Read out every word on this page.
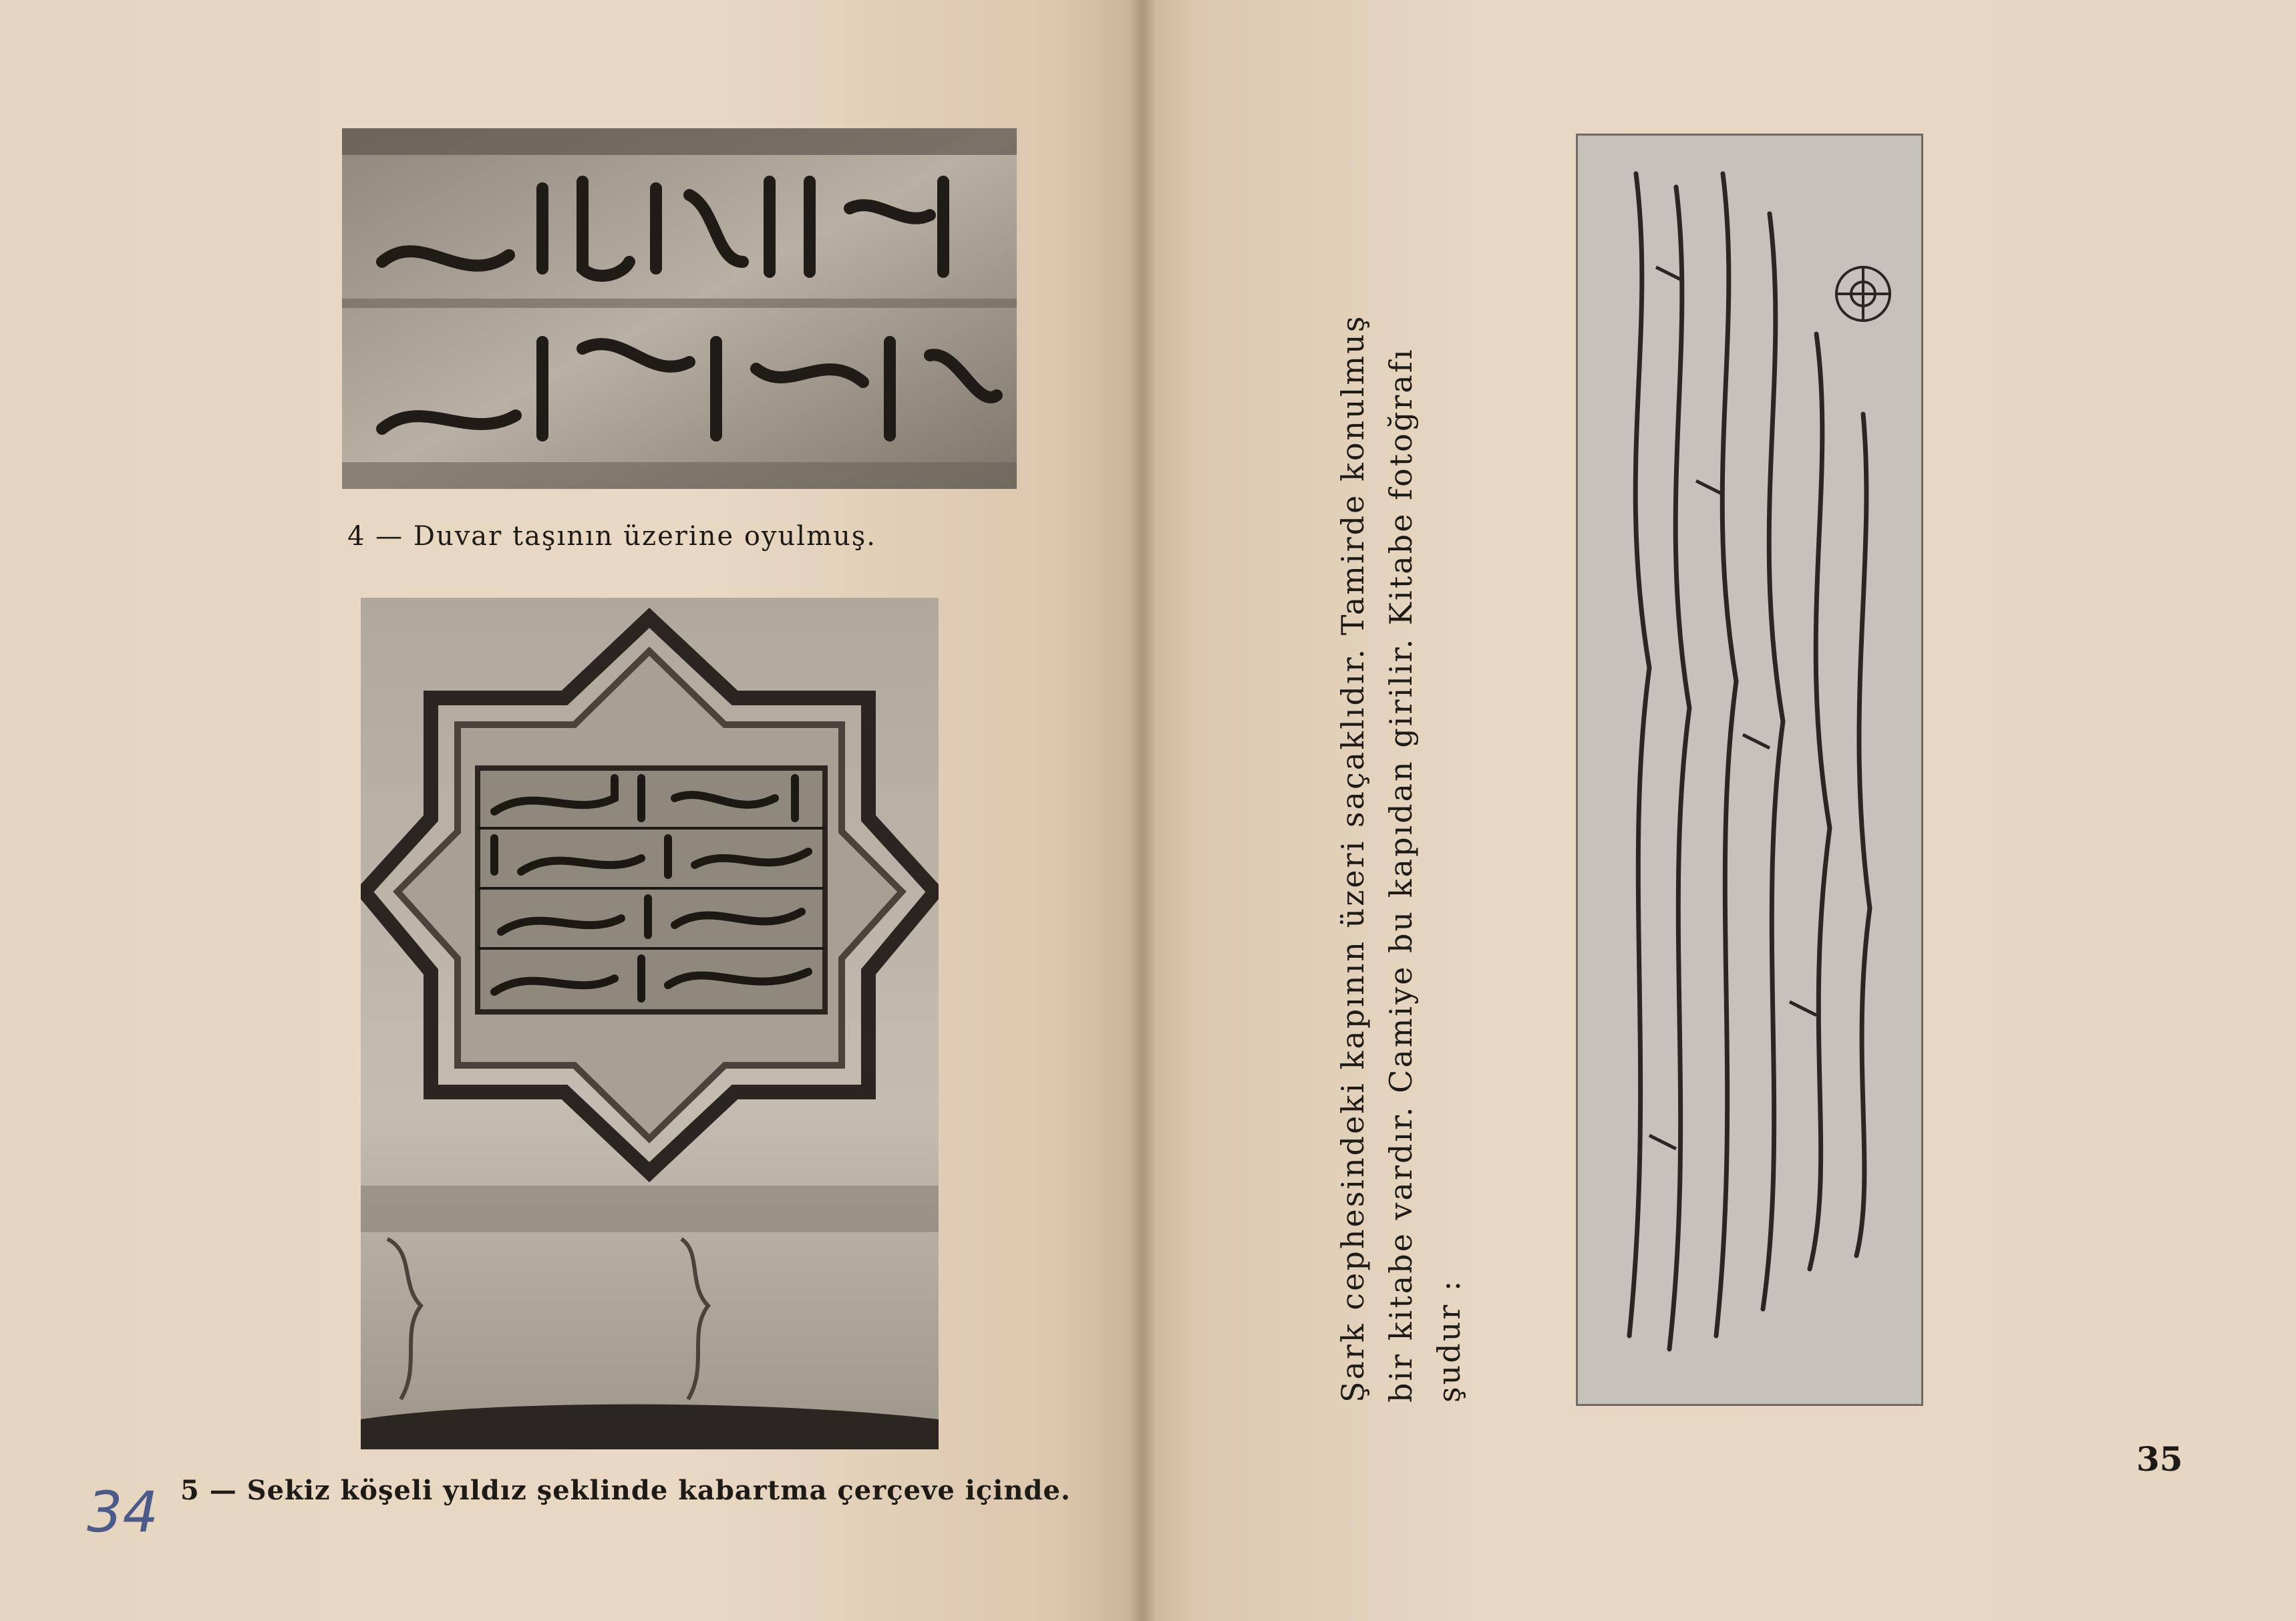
4 — Duvar taşının üzerine oyulmuş.
5 — Sekiz köşeli yıldız şeklinde kabartma çerçeve içinde.
34
Şark cephesindeki kapının üzeri saçaklıdır. Tamirde konulmuş bir kitabe vardır. Camiye bu kapıdan girilir. Kitabe fotoğrafı şudur :
35
